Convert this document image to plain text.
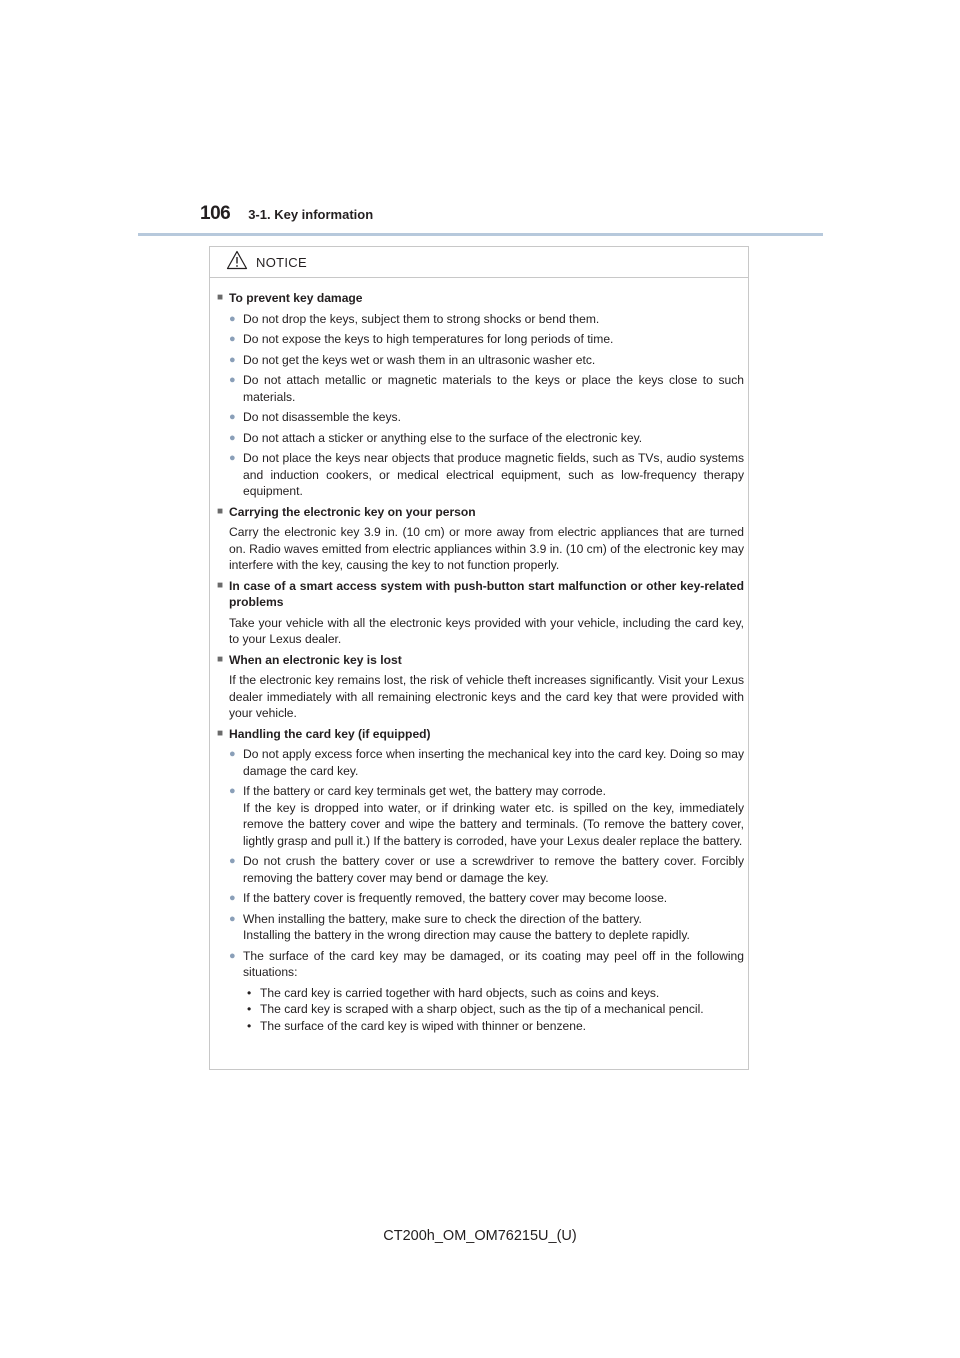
106 3-1. Key information
NOTICE
■ To prevent key damage
● Do not drop the keys, subject them to strong shocks or bend them.
● Do not expose the keys to high temperatures for long periods of time.
● Do not get the keys wet or wash them in an ultrasonic washer etc.
● Do not attach metallic or magnetic materials to the keys or place the keys close to such materials.
● Do not disassemble the keys.
● Do not attach a sticker or anything else to the surface of the electronic key.
● Do not place the keys near objects that produce magnetic fields, such as TVs, audio systems and induction cookers, or medical electrical equipment, such as low-frequency therapy equipment.
■ Carrying the electronic key on your person
Carry the electronic key 3.9 in. (10 cm) or more away from electric appliances that are turned on. Radio waves emitted from electric appliances within 3.9 in. (10 cm) of the electronic key may interfere with the key, causing the key to not function properly.
■ In case of a smart access system with push-button start malfunction or other key-related problems
Take your vehicle with all the electronic keys provided with your vehicle, including the card key, to your Lexus dealer.
■ When an electronic key is lost
If the electronic key remains lost, the risk of vehicle theft increases significantly. Visit your Lexus dealer immediately with all remaining electronic keys and the card key that were provided with your vehicle.
■ Handling the card key (if equipped)
● Do not apply excess force when inserting the mechanical key into the card key. Doing so may damage the card key.
● If the battery or card key terminals get wet, the battery may corrode.
If the key is dropped into water, or if drinking water etc. is spilled on the key, immediately remove the battery cover and wipe the battery and terminals. (To remove the battery cover, lightly grasp and pull it.) If the battery is corroded, have your Lexus dealer replace the battery.
● Do not crush the battery cover or use a screwdriver to remove the battery cover. Forcibly removing the battery cover may bend or damage the key.
● If the battery cover is frequently removed, the battery cover may become loose.
● When installing the battery, make sure to check the direction of the battery.
Installing the battery in the wrong direction may cause the battery to deplete rapidly.
● The surface of the card key may be damaged, or its coating may peel off in the following situations:
• The card key is carried together with hard objects, such as coins and keys.
• The card key is scraped with a sharp object, such as the tip of a mechanical pencil.
• The surface of the card key is wiped with thinner or benzene.
CT200h_OM_OM76215U_(U)
